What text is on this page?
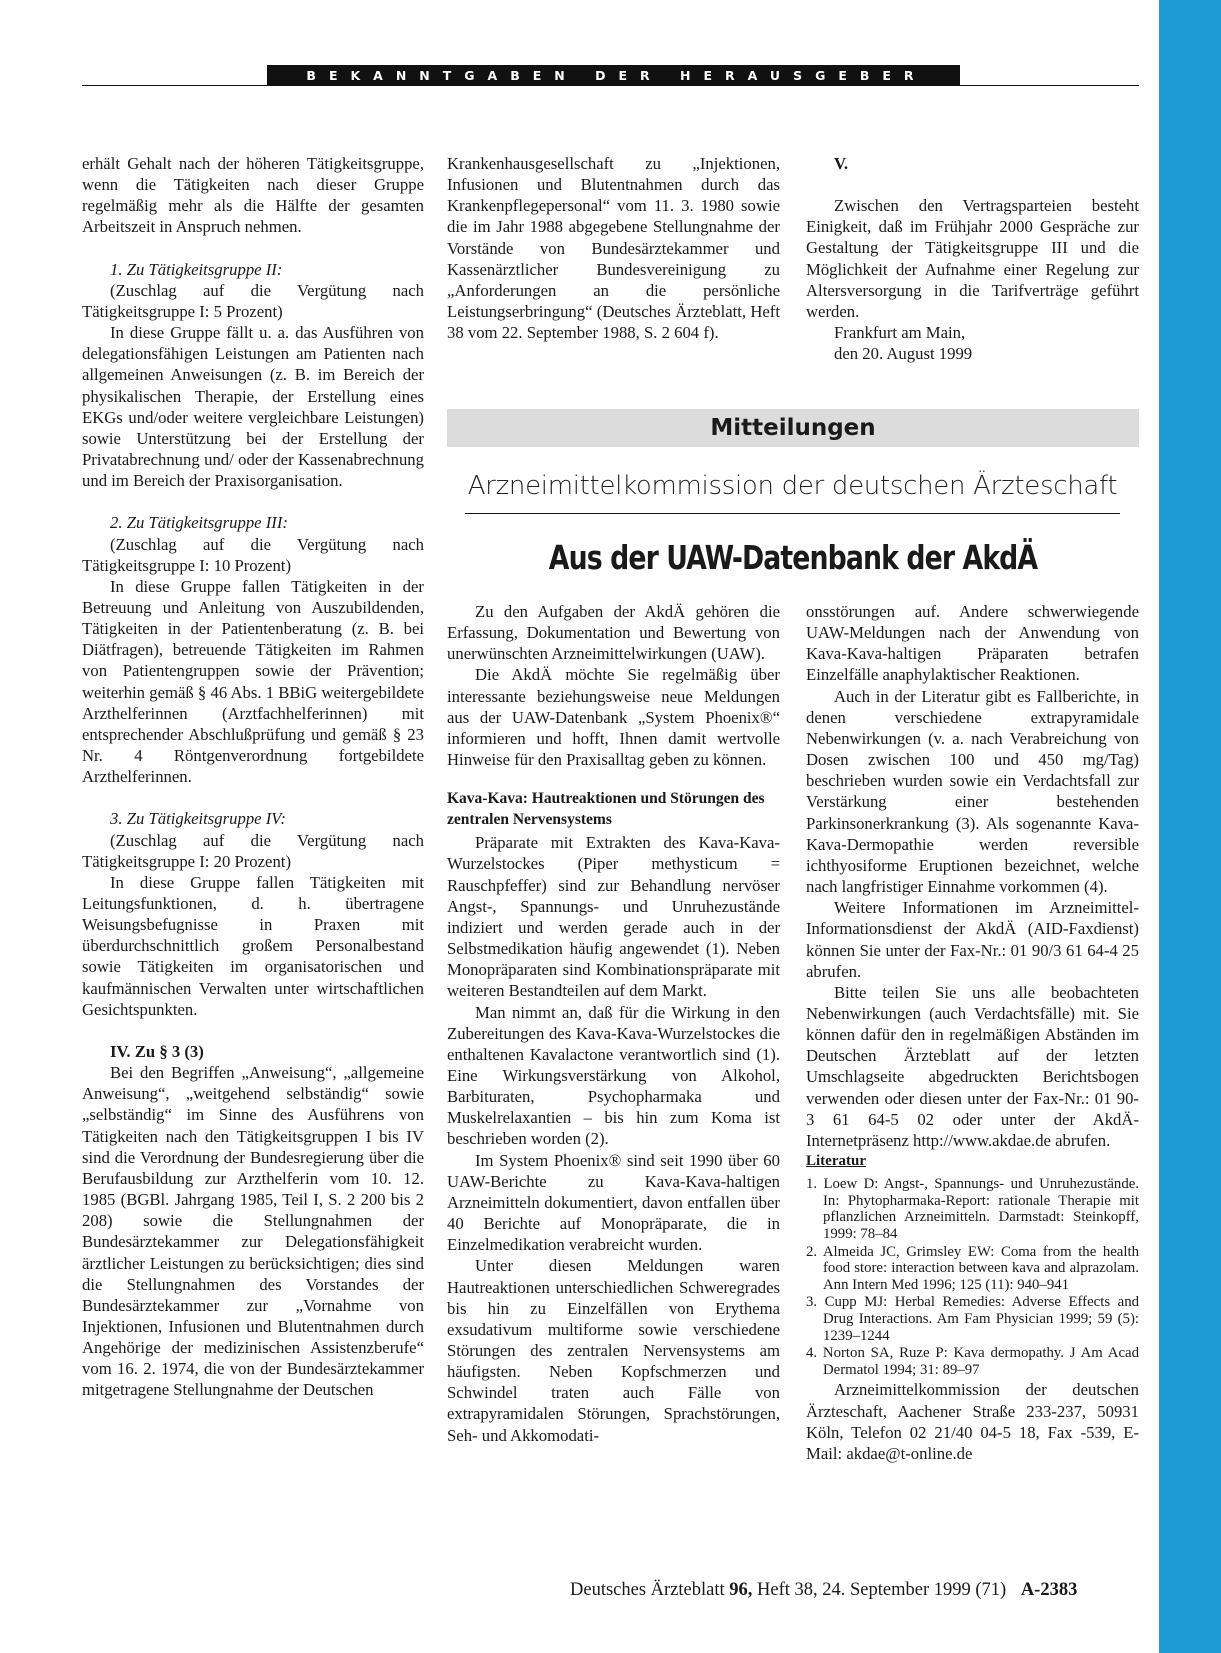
BEKANNTGABEN DER HERAUSGEBER

erhält Gehalt nach der höheren Tätigkeitsgruppe, wenn die Tätigkeiten nach dieser Gruppe regelmäßig mehr als die Hälfte der gesamten Arbeitszeit in Anspruch nehmen.

1. Zu Tätigkeitsgruppe II:

(Zuschlag auf die Vergütung nach Tätigkeitsgruppe I: 5 Prozent)

In diese Gruppe fällt u. a. das Ausführen von delegationsfähigen Leistungen am Patienten nach allgemeinen Anweisungen (z. B. im Bereich der physikalischen Therapie, der Erstellung eines EKGs und/oder weitere vergleichbare Leistungen) sowie Unterstützung bei der Erstellung der Privatabrechnung und/ oder der Kassenabrechnung und im Bereich der Praxisorganisation.

2. Zu Tätigkeitsgruppe III:

(Zuschlag auf die Vergütung nach Tätigkeitsgruppe I: 10 Prozent)

In diese Gruppe fallen Tätigkeiten in der Betreuung und Anleitung von Auszubildenden, Tätigkeiten in der Patientenberatung (z. B. bei Diätfragen), betreuende Tätigkeiten im Rahmen von Patientengruppen sowie der Prävention; weiterhin gemäß § 46 Abs. 1 BBiG weitergebildete Arzthelferinnen (Arztfachhelferinnen) mit entsprechender Abschlußprüfung und gemäß § 23 Nr. 4 Röntgenverordnung fortgebildete Arzthelferinnen.

3. Zu Tätigkeitsgruppe IV:

(Zuschlag auf die Vergütung nach Tätigkeitsgruppe I: 20 Prozent)

In diese Gruppe fallen Tätigkeiten mit Leitungsfunktionen, d. h. übertragene Weisungsbefugnisse in Praxen mit überdurchschnittlich großem Personalbestand sowie Tätigkeiten im organisatorischen und kaufmännischen Verwalten unter wirtschaftlichen Gesichtspunkten.

IV. Zu § 3 (3)

Bei den Begriffen „Anweisung“, „allgemeine Anweisung“, „weitgehend selbständig“ sowie „selbständig“ im Sinne des Ausführens von Tätigkeiten nach den Tätigkeitsgruppen I bis IV sind die Verordnung der Bundesregierung über die Berufausbildung zur Arzthelferin vom 10. 12. 1985 (BGBl. Jahrgang 1985, Teil I, S. 2 200 bis 2 208) sowie die Stellungnahmen der Bundesärztekammer zur Delegationsfähigkeit ärztlicher Leistungen zu berücksichtigen; dies sind die Stellungnahmen des Vorstandes der Bundesärztekammer zur „Vornahme von Injektionen, Infusionen und Blutentnahmen durch Angehörige der medizinischen Assistenzberufe“ vom 16. 2. 1974, die von der Bundesärztekammer mitgetragene Stellungnahme der Deutschen

Krankenhausgesellschaft zu „Injektionen, Infusionen und Blutentnahmen durch das Krankenpflegepersonal“ vom 11. 3. 1980 sowie die im Jahr 1988 abgegebene Stellungnahme der Vorstände von Bundesärztekammer und Kassenärztlicher Bundesvereinigung zu „Anforderungen an die persönliche Leistungserbringung“ (Deutsches Ärzteblatt, Heft 38 vom 22. September 1988, S. 2 604 f).

V.

Zwischen den Vertragsparteien besteht Einigkeit, daß im Frühjahr 2000 Gespräche zur Gestaltung der Tätigkeitsgruppe III und die Möglichkeit der Aufnahme einer Regelung zur Altersversorgung in die Tarifverträge geführt werden.

Frankfurt am Main,

den 20. August 1999

Mitteilungen
Arzneimittelkommission der deutschen Ärzteschaft
Aus der UAW-Datenbank der AkdÄ

Zu den Aufgaben der AkdÄ gehören die Erfassung, Dokumentation und Bewertung von unerwünschten Arzneimittelwirkungen (UAW).

Die AkdÄ möchte Sie regelmäßig über interessante beziehungsweise neue Meldungen aus der UAW-Datenbank „System Phoenix®“ informieren und hofft, Ihnen damit wertvolle Hinweise für den Praxisalltag geben zu können.

Kava-Kava: Hautreaktionen und Störungen des zentralen Nervensystems

Präparate mit Extrakten des Kava-Kava-Wurzelstockes (Piper methysticum = Rauschpfeffer) sind zur Behandlung nervöser Angst-, Spannungs- und Unruhezustände indiziert und werden gerade auch in der Selbstmedikation häufig angewendet (1). Neben Monopräparaten sind Kombinationspräparate mit weiteren Bestandteilen auf dem Markt.

Man nimmt an, daß für die Wirkung in den Zubereitungen des Kava-Kava-Wurzelstockes die enthaltenen Kavalactone verantwortlich sind (1). Eine Wirkungsverstärkung von Alkohol, Barbituraten, Psychopharmaka und Muskelrelaxantien – bis hin zum Koma ist beschrieben worden (2).

Im System Phoenix® sind seit 1990 über 60 UAW-Berichte zu Kava-Kava-haltigen Arzneimitteln dokumentiert, davon entfallen über 40 Berichte auf Monopräparate, die in Einzelmedikation verabreicht wurden.

Unter diesen Meldungen waren Hautreaktionen unterschiedlichen Schweregrades bis hin zu Einzelfällen von Erythema exsudativum multiforme sowie verschiedene Störungen des zentralen Nervensystems am häufigsten. Neben Kopfschmerzen und Schwindel traten auch Fälle von extrapyramidalen Störungen, Sprachstörungen, Seh- und Akkomodati-

onsstörungen auf. Andere schwerwiegende UAW-Meldungen nach der Anwendung von Kava-Kava-haltigen Präparaten betrafen Einzelfälle anaphylaktischer Reaktionen.

Auch in der Literatur gibt es Fallberichte, in denen verschiedene extrapyramidale Nebenwirkungen (v. a. nach Verabreichung von Dosen zwischen 100 und 450 mg/Tag) beschrieben wurden sowie ein Verdachtsfall zur Verstärkung einer bestehenden Parkinsonerkrankung (3). Als sogenannte Kava-Kava-Dermopathie werden reversible ichthyosiforme Eruptionen bezeichnet, welche nach langfristiger Einnahme vorkommen (4).

Weitere Informationen im Arzneimittel-Informationsdienst der AkdÄ (AID-Faxdienst) können Sie unter der Fax-Nr.: 01 90/3 61 64-4 25 abrufen.

Bitte teilen Sie uns alle beobachteten Nebenwirkungen (auch Verdachtsfälle) mit. Sie können dafür den in regelmäßigen Abständen im Deutschen Ärzteblatt auf der letzten Umschlagseite abgedruckten Berichtsbogen verwenden oder diesen unter der Fax-Nr.: 01 90-3 61 64-5 02 oder unter der AkdÄ-Internetpräsenz http://www.akdae.de abrufen.

Literatur

1. Loew D: Angst-, Spannungs- und Unruhezustände. In: Phytopharmaka-Report: rationale Therapie mit pflanzlichen Arzneimitteln. Darmstadt: Steinkopff, 1999: 78–84
2. Almeida JC, Grimsley EW: Coma from the health food store: interaction between kava and alprazolam. Ann Intern Med 1996; 125 (11): 940–941
3. Cupp MJ: Herbal Remedies: Adverse Effects and Drug Interactions. Am Fam Physician 1999; 59 (5): 1239–1244
4. Norton SA, Ruze P: Kava dermopathy. J Am Acad Dermatol 1994; 31: 89–97

Arzneimittelkommission der deutschen Ärzteschaft, Aachener Straße 233-237, 50931 Köln, Telefon 02 21/40 04-5 18, Fax -539, E-Mail: akdae@t-online.de

Deutsches Ärzteblatt 96, Heft 38, 24. September 1999 (71) A-2383
